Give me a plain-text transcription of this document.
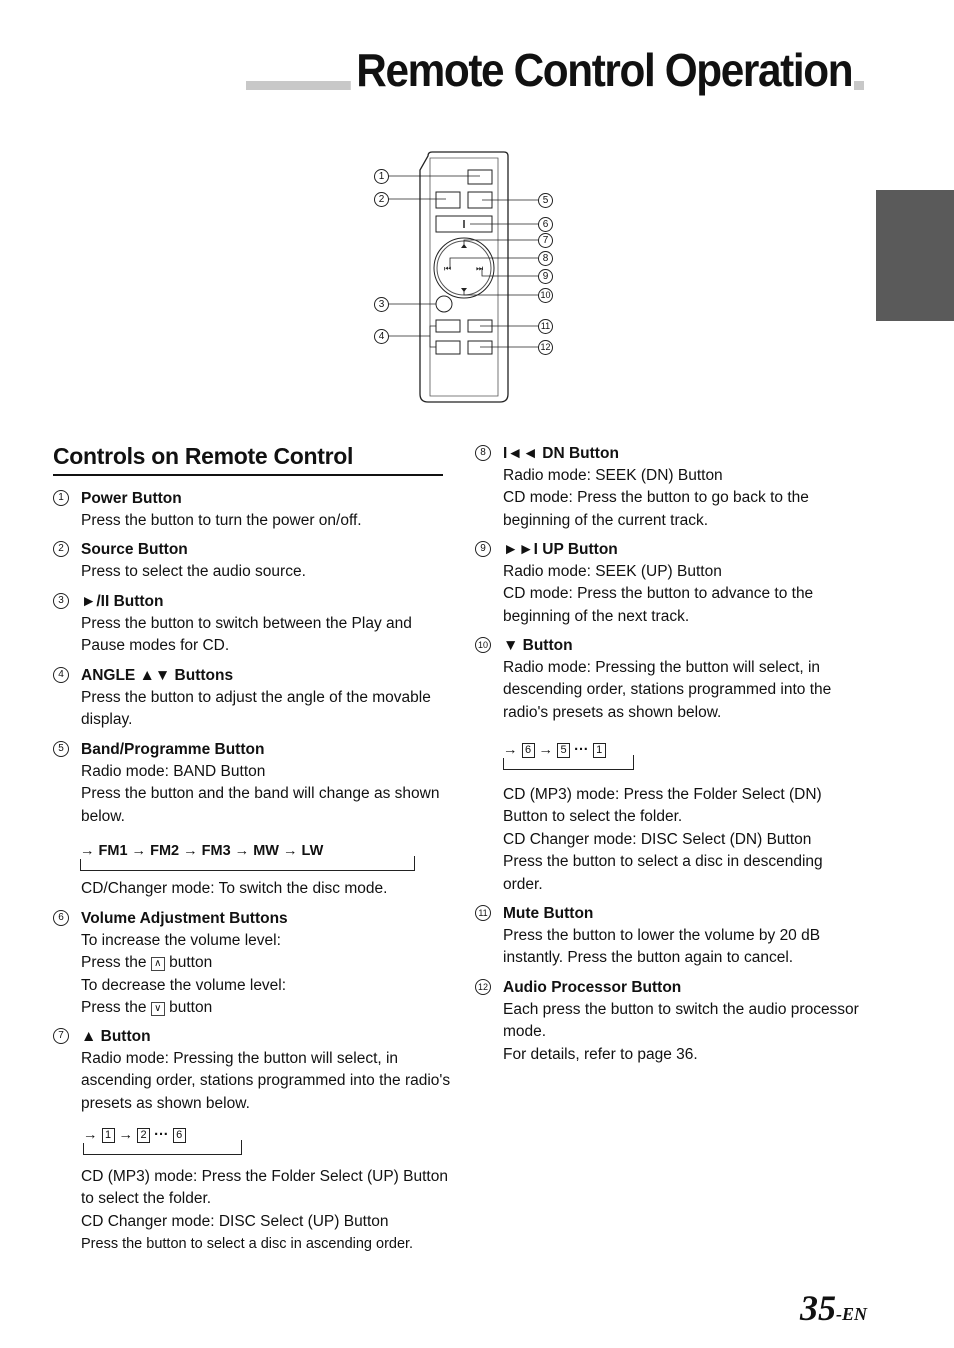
Remote Control Operation
⏮	⏭
1
2
3
4
5
6
7
8
9
10
11
12
Controls on Remote Control
1	Power Button
Press the button to turn the power on/off.
2	Source Button
Press to select the audio source.
3	►/II Button
Press the button to switch between the Play and Pause modes for CD.
4	ANGLE ▲▼ Buttons
Press the button to adjust the angle of the movable display.
5	Band/Programme Button
Radio mode: BAND Button
Press the button and the band will change as shown below.
→ FM1 → FM2 → FM3 → MW → LW
CD/Changer mode: To switch the disc mode.
6	Volume Adjustment Buttons
To increase the volume level:
Press the ∧ button
To decrease the volume level:
Press the ∨ button
7	▲ Button
Radio mode: Pressing the button will select, in ascending order, stations programmed into the radio's presets as shown below.
→ 1 → 2 ··· 6
CD (MP3) mode: Press the Folder Select (UP) Button to select the folder.
CD Changer mode: DISC Select (UP) Button
Press the button to select a disc in ascending order.
8	I◄◄ DN Button
Radio mode: SEEK (DN) Button
CD mode: Press the button to go back to the beginning of the current track.
9	►►I UP Button
Radio mode: SEEK (UP) Button
CD mode: Press the button to advance to the beginning of the next track.
10 ▼ Button
Radio mode: Pressing the button will select, in descending order, stations programmed into the radio's presets as shown below.
→ 6 → 5 ··· 1
CD (MP3) mode: Press the Folder Select (DN) Button to select the folder.
CD Changer mode: DISC Select (DN) Button
Press the button to select a disc in descending order.
11 Mute Button
Press the button to lower the volume by 20 dB instantly. Press the button again to cancel.
12 Audio Processor Button
Each press the button to switch the audio processor mode.
For details, refer to page 36.
35-EN
